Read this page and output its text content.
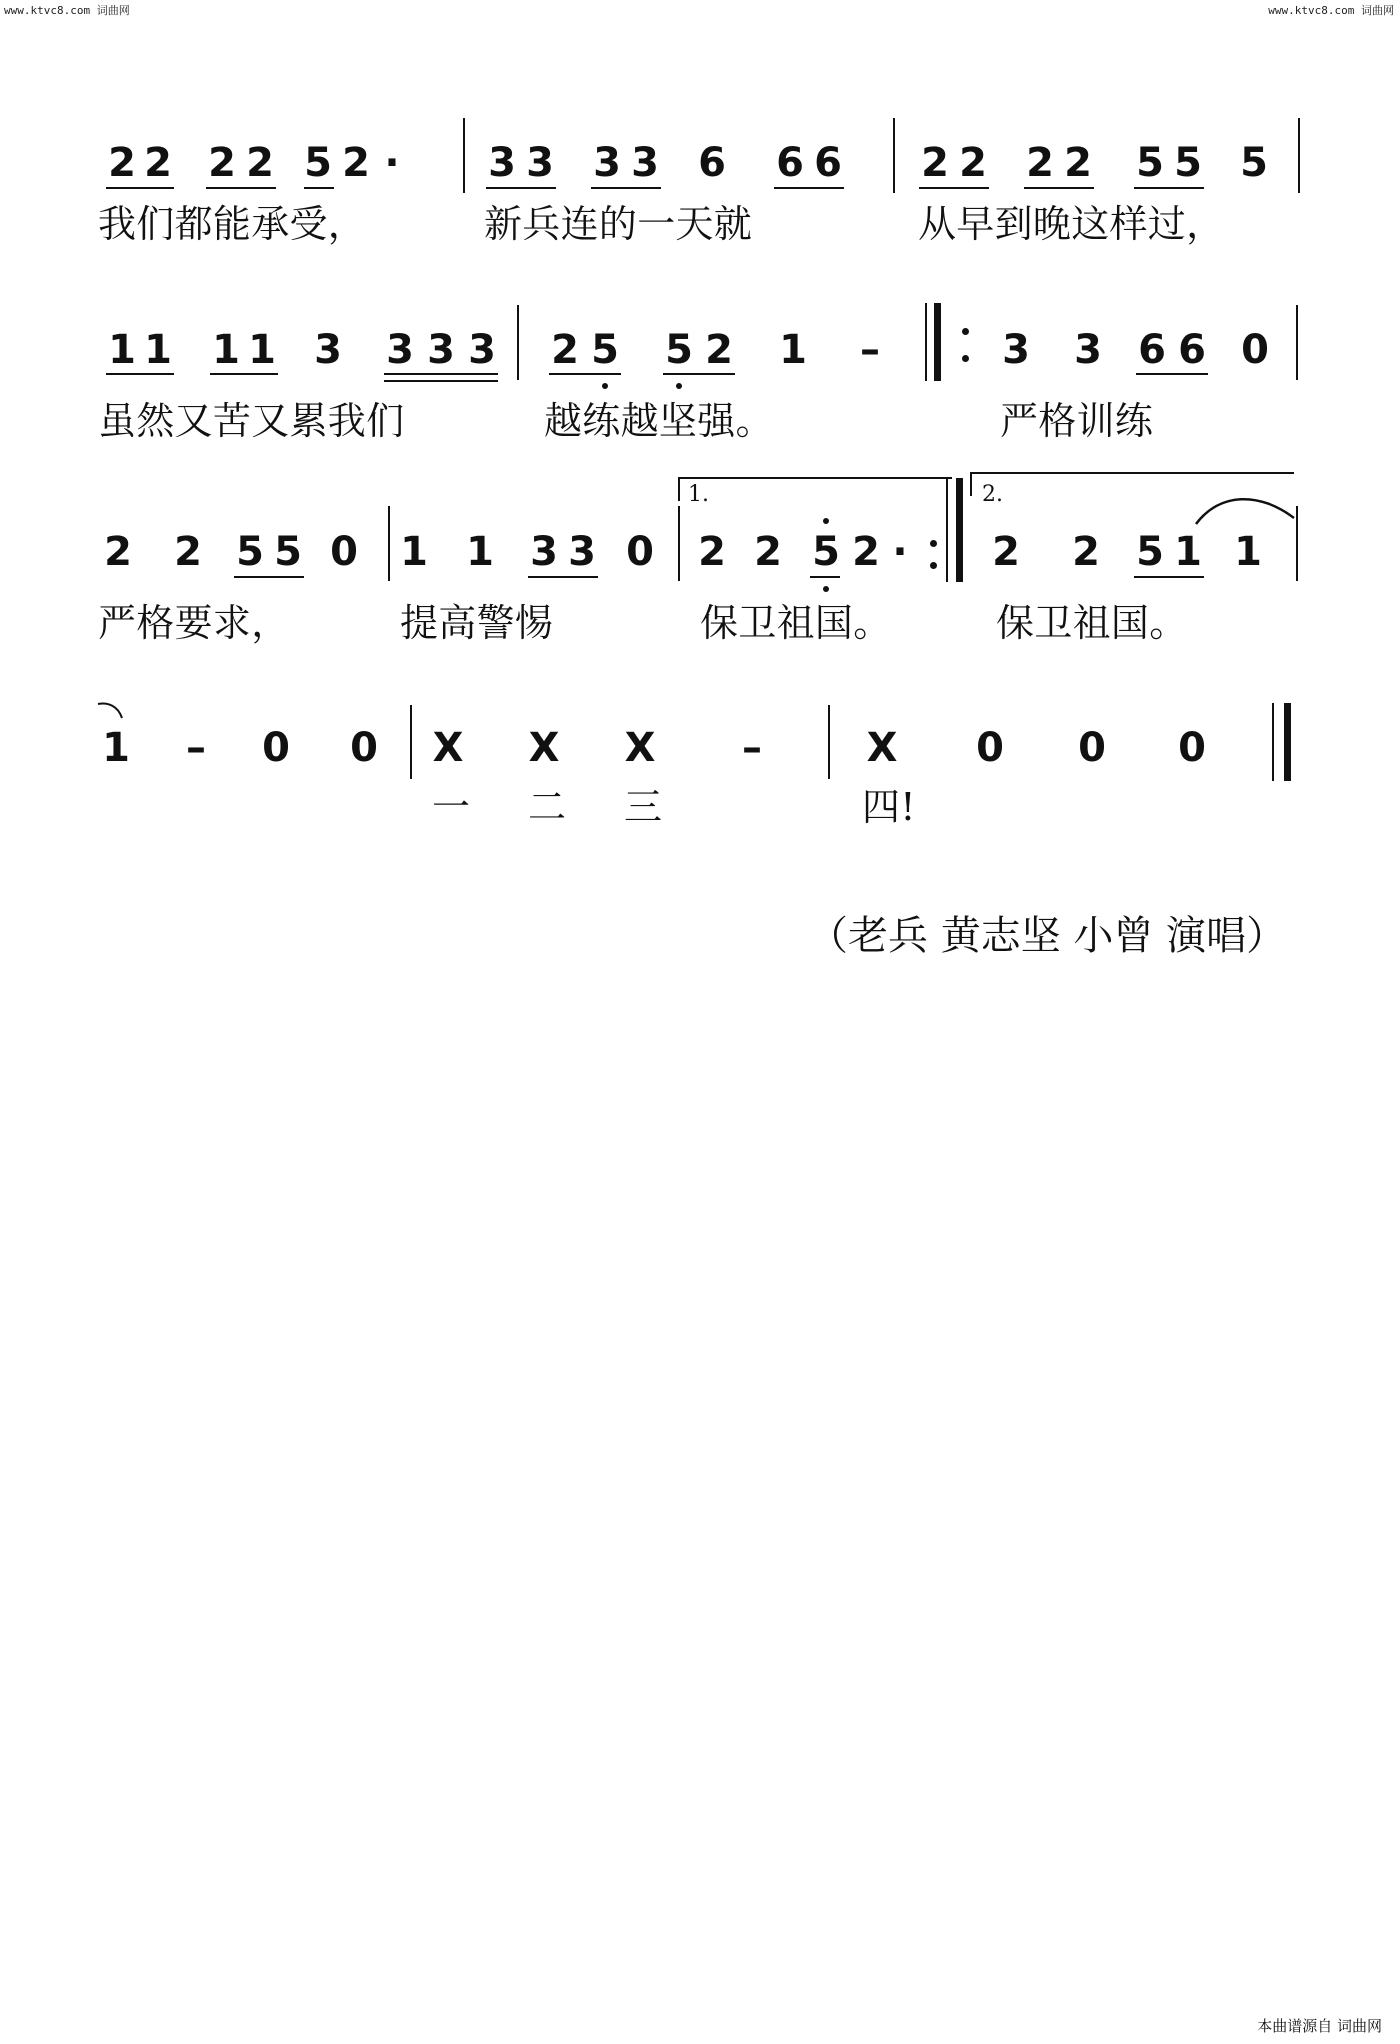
www.ktvc8.com 词曲网	www.ktvc8.com 词曲网
2 2 2 2 5 2 · 3 3 3 3 6 6 6 2 2 2 2 5 5 5
我们都能承受，	新兵连的一天就	从早到晚这样过，
1 1 1 1 3 3 3 3 2 5 5 2 1 –	3 3 6 6 0
虽然又苦又累我们	越练越坚强。	严格训练
1.	2.
2 2 5 5 0 1 1 3 3 0 2 2 5 2 · 2 2 5 1 1
严格要求，	提高警惕	保卫祖国。	保卫祖国。
1 – 0 0 X X X –	X 0 0 0
一 二 三	四!
（老兵 黄志坚 小曾 演唱）
本曲谱源自 词曲网
